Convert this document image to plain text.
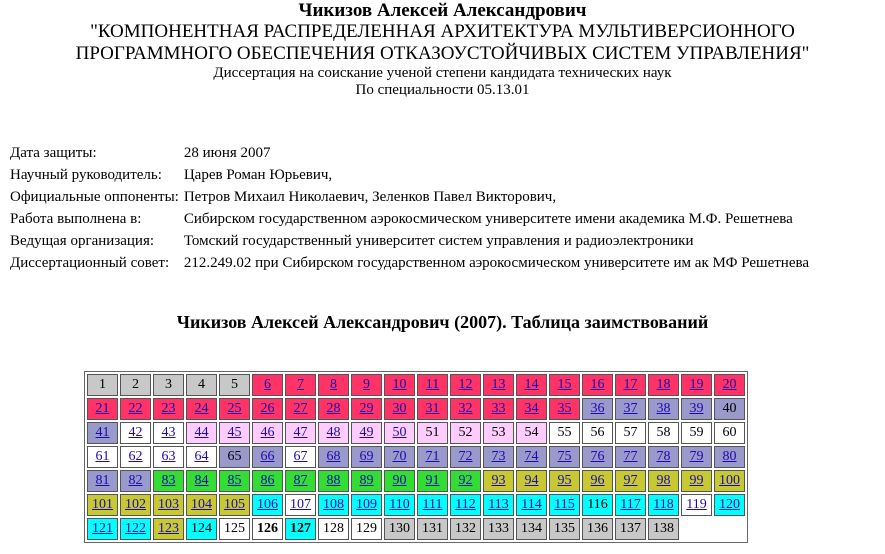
Чикизов Алексей Александрович
"КОМПОНЕНТНАЯ РАСПРЕДЕЛЕННАЯ АРХИТЕКТУРА МУЛЬТИВЕРСИОННОГО
ПРОГРАММНОГО ОБЕСПЕЧЕНИЯ ОТКАЗОУСТОЙЧИВЫХ СИСТЕМ УПРАВЛЕНИЯ"
Диссертация на соискание ученой степени кандидата технических наук
По специальности 05.13.01
Дата защиты:	28 июня 2007
Научный руководитель:	Царев Роман Юрьевич,
Официальные оппоненты:	Петров Михаил Николаевич, Зеленков Павел Викторович,
Работа выполнена в:	Сибирском государственном аэрокосмическом университете имени академика М.Ф. Решетнева
Ведущая организация:	Томский государственный университет систем управления и радиоэлектроники
Диссертационный совет:	212.249.02 при Сибирском государственном аэрокосмическом университете им ак МФ Решетнева
Чикизов Алексей Александрович (2007). Таблица заимствований
1	2	3	4	5	6	7	8	9	10	11	12	13	14	15	16	17	18	19	20
21	22	23	24	25	26	27	28	29	30	31	32	33	34	35	36	37	38	39	40
41	42	43	44	45	46	47	48	49	50	51	52	53	54	55	56	57	58	59	60
61	62	63	64	65	66	67	68	69	70	71	72	73	74	75	76	77	78	79	80
81	82	83	84	85	86	87	88	89	90	91	92	93	94	95	96	97	98	99	100
101	102	103	104	105	106	107	108	109	110	111	112	113	114	115	116	117	118	119	120
121	122	123	124	125	126	127	128	129	130	131	132	133	134	135	136	137	138		
